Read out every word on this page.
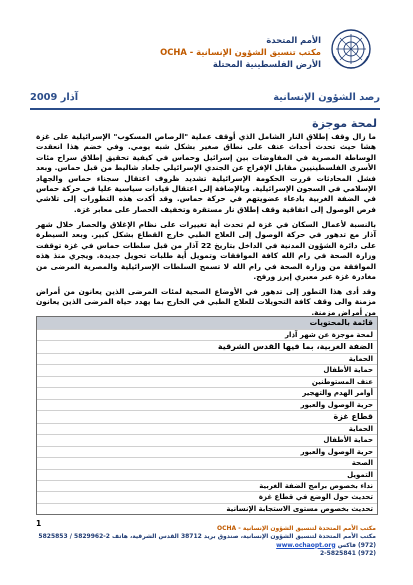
الأمم المتحدة
مكتب تنسيق الشؤون الإنسانية - OCHA
الأرض الفلسطينية المحتلة
رصد الشؤون الإنسانية
آذار 2009
لمحة موجزة

ما زال وقف إطلاق النار الشامل الذي أوقف عملية "الرصاص المسكوب" الإسرائيلية على غزة هشا حيث تحدث أحداث عنف على نطاق صغير بشكل شبه يومي. وفي خضم هذا انعقدت الوساطة المصرية في المفاوضات بين إسرائيل وحماس في كيفية تحقيق إطلاق سراح مئات الأسرى الفلسطينيين مقابل الإفراج عن الجندي الإسرائيلي جلعاد شاليط من قبل حماس. وبعد فشل المحادثات قررت الحكومة الإسرائيلية تشديد ظروف اعتقال سجناء حماس والجهاد الإسلامي في السجون الإسرائيلية. وبالإضافة إلى اعتقال قيادات سياسية عليا في حركة حماس في الضفة الغربية بادعاء عضويتهم في حركة حماس. وقد أكدت هذه التطورات إلى تلاشي فرص الوصول إلى اتفاقية وقف إطلاق نار مستقرة وتخفيف الحصار على معابر غزة.

بالنسبة لأعمال السكان في غزة لم تحدث أية تغييرات على نظام الإغلاق والحصار خلال شهر آذار مع تدهور في حركة الوصول إلى العلاج الطبي خارج القطاع بشكل كبير. وبعد السيطرة على دائرة الشؤون المدنية في الداخل بتاريخ 22 آذار من قبل سلطات حماس في غزة توقفت وزارة الصحة في رام الله كافة الموافقات وتمويل أية طلبات تحويل جديدة. ويجري منذ هذه الموافقة من وزارة الصحة في رام الله لا تسمح السلطات الإسرائيلية والمصرية المرضى من مغادرة غزة عبر معبري إيرز ورفح.

وقد أدى هذا التطور إلى تدهور في الأوضاع الصحية لمئات المرضى الذين يعانون من أمراض مزمنة والى وقف كافة التحويلات للعلاج الطبي في الخارج بما يهدد حياة المرضى الذين يعانون من أمراض مزمنة.

قائمة بالمحتويات
لمحة موجزة عن شهر آذار
الضفة الغربية، بما فيها القدس الشرقية
الحماية
حماية الأطفال
عنف المستوطنين
أوامر الهدم والتهجير
حرية الوصول والعبور
قطاع غزة
الحماية
حماية الأطفال
حرية الوصول والعبور
الصحة
التمويل
نداء بخصوص برامج الضفة الغربية
تحديث حول الوضع في قطاع غزة
تحديث بخصوص مستوى الاستجابة الإنسانية
1
مكتب الأمم المتحدة لتنسيق الشؤون الإنسانية - OCHA
مكتب الأمم المتحدة لتنسيق الشؤون الإنسانية، صندوق بريد 38712 القدس الشرقية، هاتف 2-5829962 / 5825853 (972) فاكس www.ochaopt.org
(972) 2-5825841
